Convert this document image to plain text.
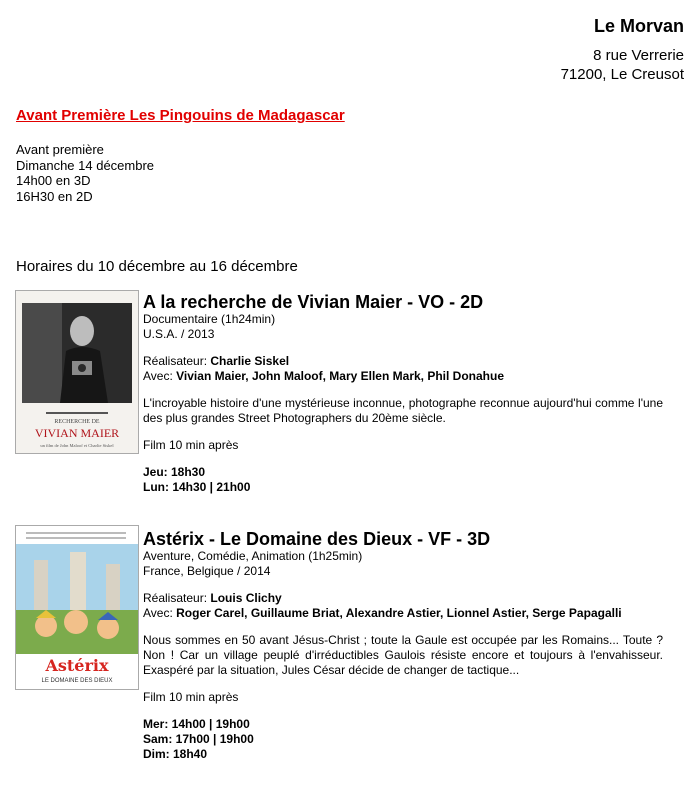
Le Morvan
8 rue Verrerie
71200, Le Creusot
Avant Première Les Pingouins de Madagascar
Avant première
Dimanche 14 décembre
14h00 en 3D
16H30 en 2D
Horaires du 10 décembre au 16 décembre
RECHERCHE DE
VIVIAN MAIER
un film de John Maloof et Charlie Siskel
A la recherche de Vivian Maier - VO - 2D
Documentaire (1h24min)
U.S.A. / 2013
Réalisateur: Charlie Siskel
Avec: Vivian Maier, John Maloof, Mary Ellen Mark, Phil Donahue
L'incroyable histoire d'une mystérieuse inconnue, photographe reconnue aujourd'hui comme l'une des plus grandes Street Photographers du 20ème siècle.
Film 10 min après
Jeu: 18h30
Lun: 14h30 | 21h00
Astérix
LE DOMAINE DES DIEUX
Astérix - Le Domaine des Dieux - VF - 3D
Aventure, Comédie, Animation (1h25min)
France, Belgique / 2014
Réalisateur: Louis Clichy
Avec: Roger Carel, Guillaume Briat, Alexandre Astier, Lionnel Astier, Serge Papagalli
Nous sommes en 50 avant Jésus-Christ ; toute la Gaule est occupée par les Romains... Toute ? Non ! Car un village peuplé d'irréductibles Gaulois résiste encore et toujours à l'envahisseur. Exaspéré par la situation, Jules César décide de changer de tactique...
Film 10 min après
Mer: 14h00 | 19h00
Sam: 17h00 | 19h00
Dim: 18h40
